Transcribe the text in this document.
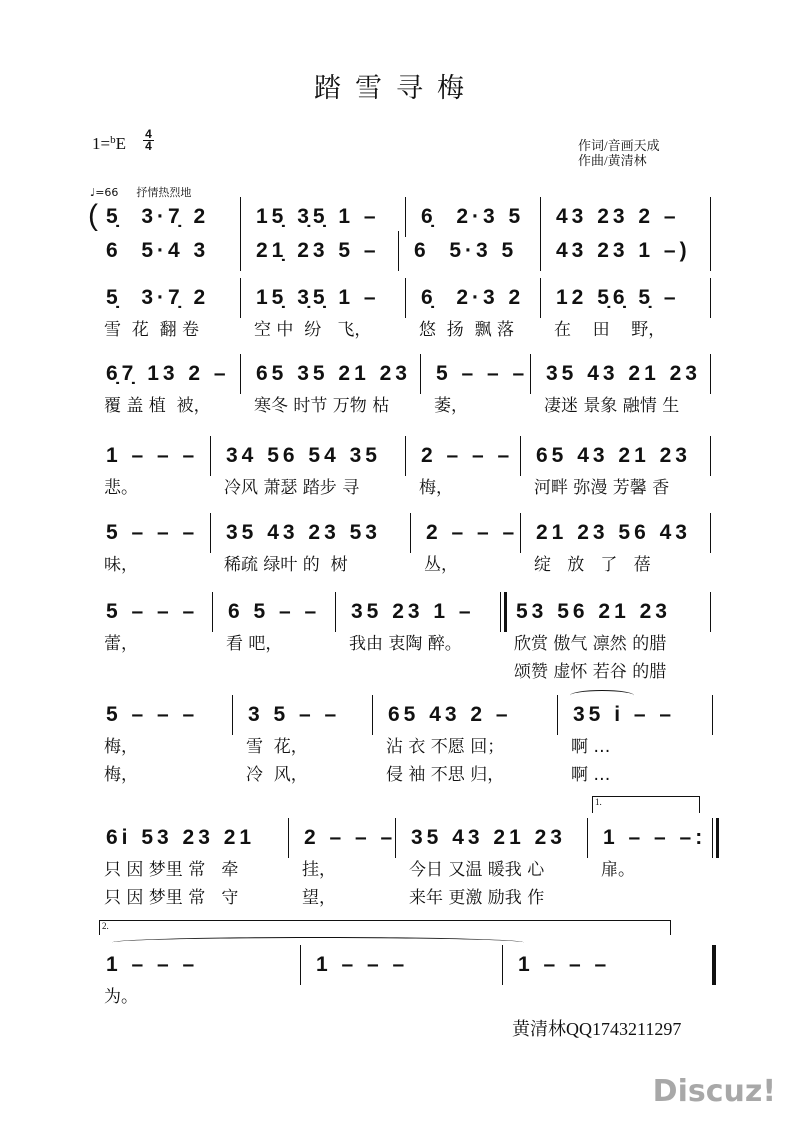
踏雪寻梅
1=$^b$E 4
4	作词/音画天成
作曲/黄清林
♩=66 抒情热烈地
( 5̣  3·7̣ 2 15̣ 3̣5̣ 1 – 6̣  2·3 5 43 23 2 –
6  5·4 3 21̣ 23 5 – 6  5·3 5 43 23 1 –)
5̣  3·7̣ 2
雪  花  翻 卷
15̣ 3̣5̣ 1 –
空 中  纷   飞，
6̣  2·3 2
悠  扬  飘 落
12 5̣6̣ 5̣ –
在    田    野，
6̣7̣ 13 2 –
覆 盖 植  被，
65 35 21 23
寒冬 时节 万物 枯
5 – – –
萎，
35 43 21 23
凄迷 景象 融情 生
1 – – –
悲。
34 56 54 35
冷风 萧瑟 踏步 寻
2 – – –
梅，
65 43 21 23
河畔 弥漫 芳馨 香
5 – – –
味，
35 43 23 53
稀疏 绿叶 的  树
2 – – –
丛，
21 23 56 43
绽   放   了   蓓
5 – – –
蕾，
6 5 – –
看 吧，
35 23 1 –
我由 衷陶 醉。
53 56 21 23
欣赏 傲气 凛然 的腊
颂赞 虚怀 若谷 的腊
5 – – –
梅，
梅，
3 5 – –
雪  花，
冷  风，
65 43 2 –
沾 衣 不愿 回；
侵 袖 不思 归，
35 i – –
啊 …
啊 …
6i 53 23 21
只 因 梦里 常   牵
只 因 梦里 常   守
2 – – –
挂，
望，
35 43 21 23
今日 又温 暖我 心
来年 更激 励我 作
1 – – –:
扉。
1.
1 – – –
为。
1 – – –	1 – – –
2.
黄清林QQ1743211297
Discuz!
